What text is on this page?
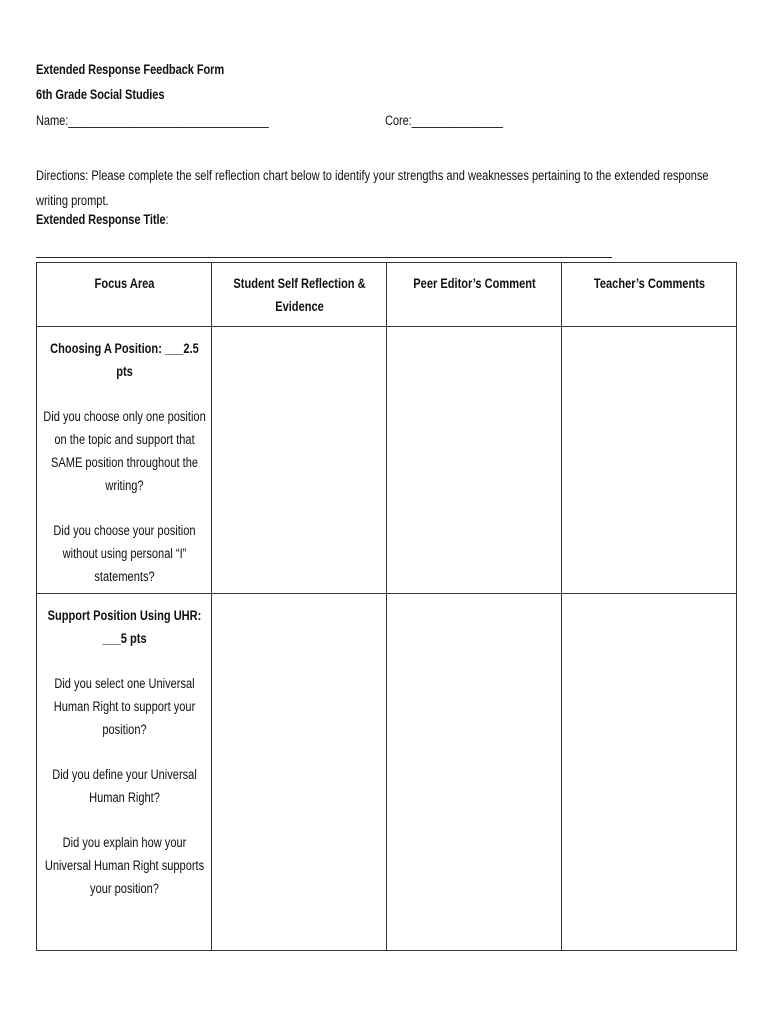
Extended Response Feedback Form
6th Grade Social Studies
Name:_________________________________	Core:_______________
Directions: Please complete the self reflection chart below to identify your strengths and weaknesses pertaining to the extended response writing prompt.
Extended Response Title:
Focus Area	Student Self Reflection & Evidence	Peer Editor’s Comment	Teacher’s Comments

Choosing A Position: ___2.5 pts
Did you choose only one position on the topic and support that SAME position throughout the writing?
Did you choose your position without using personal “I” statements?			

Support Position Using UHR: ___5 pts
Did you select one Universal Human Right to support your position?
Did you define your Universal Human Right?
Did you explain how your Universal Human Right supports your position?			
